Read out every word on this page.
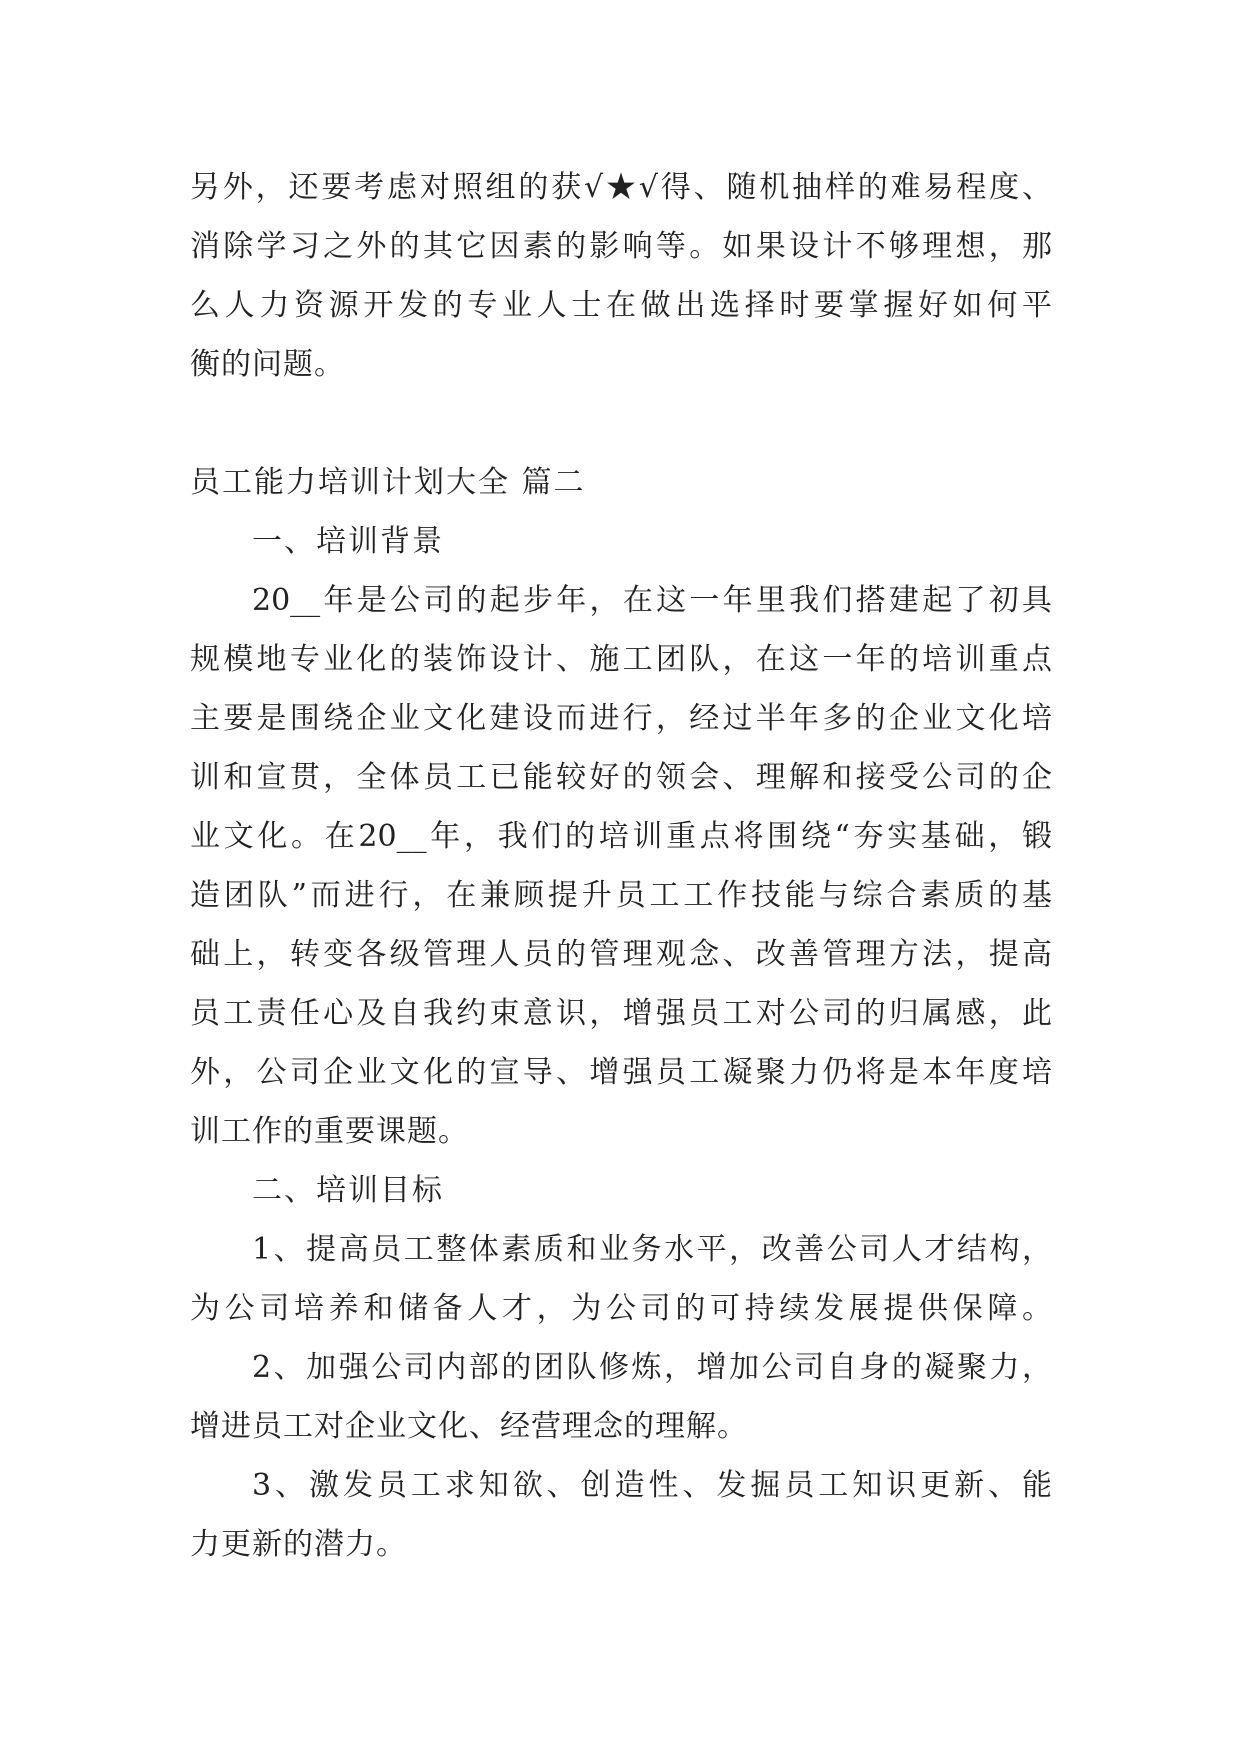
另外，还要考虑对照组的获√★√得、随机抽样的难易程度、
消除学习之外的其它因素的影响等。如果设计不够理想，那
么人力资源开发的专业人士在做出选择时要掌握好如何平
衡的问题。
员工能力培训计划大全 篇二
一、培训背景
20__年是公司的起步年，在这一年里我们搭建起了初具
规模地专业化的装饰设计、施工团队，在这一年的培训重点
主要是围绕企业文化建设而进行，经过半年多的企业文化培
训和宣贯，全体员工已能较好的领会、理解和接受公司的企
业文化。在20__年，我们的培训重点将围绕“夯实基础，锻
造团队”而进行，在兼顾提升员工工作技能与综合素质的基
础上，转变各级管理人员的管理观念、改善管理方法，提高
员工责任心及自我约束意识，增强员工对公司的归属感，此
外，公司企业文化的宣导、增强员工凝聚力仍将是本年度培
训工作的重要课题。
二、培训目标
1、提高员工整体素质和业务水平，改善公司人才结构，
为公司培养和储备人才，为公司的可持续发展提供保障。
2、加强公司内部的团队修炼，增加公司自身的凝聚力，
增进员工对企业文化、经营理念的理解。
3、激发员工求知欲、创造性、发掘员工知识更新、能
力更新的潜力。
